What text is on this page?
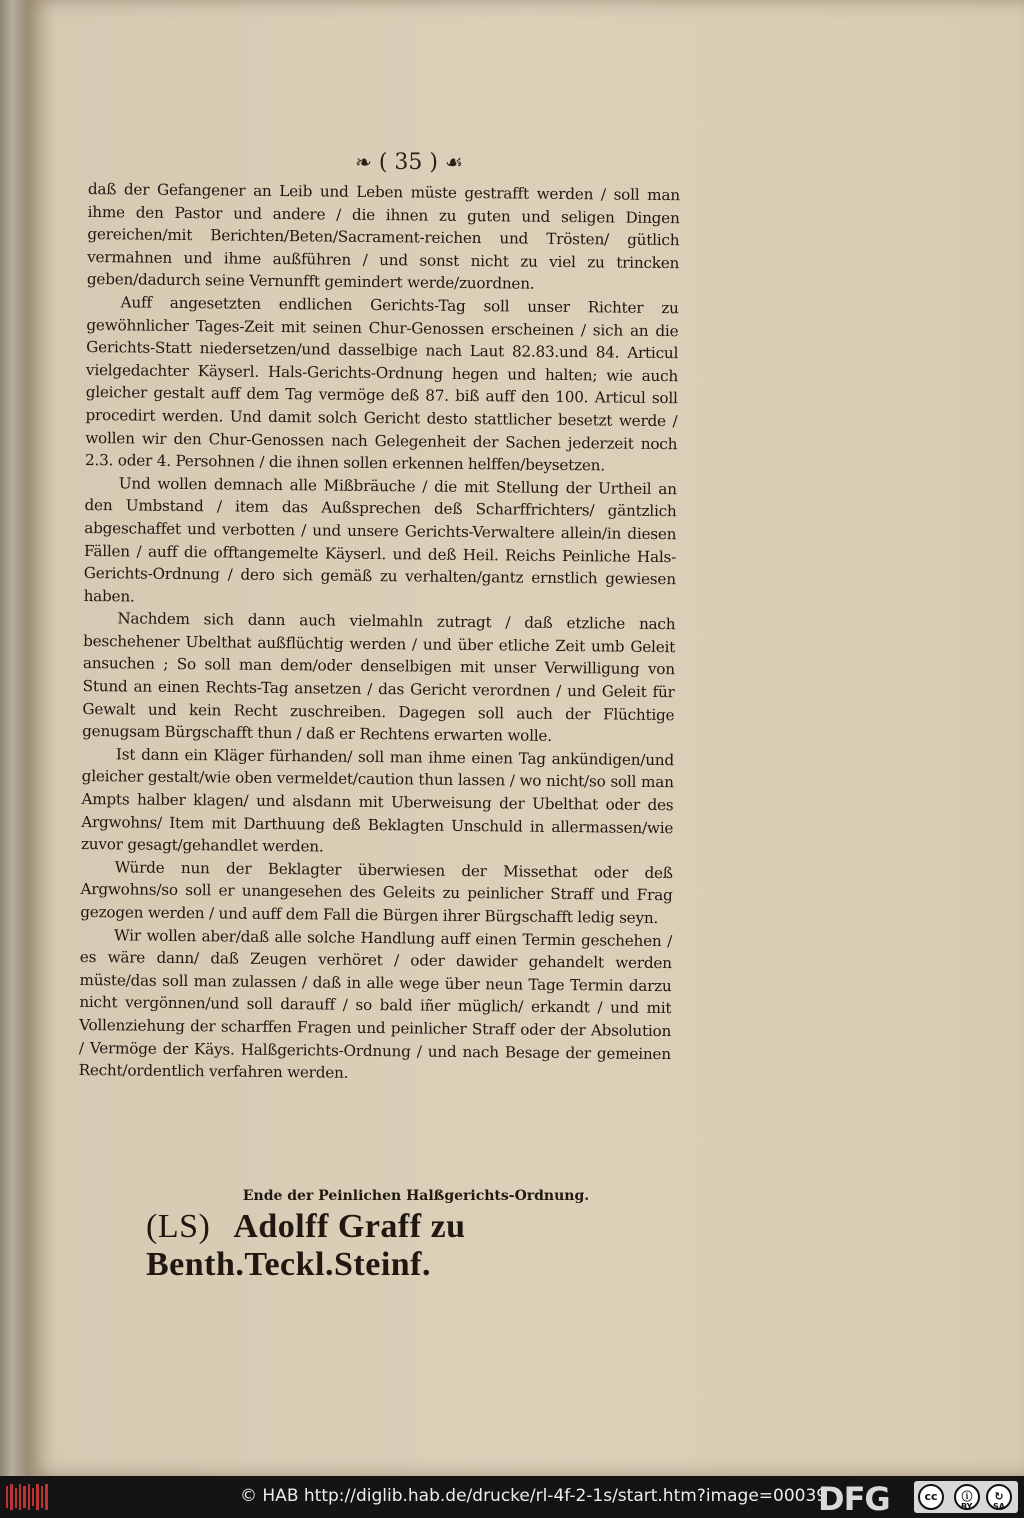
❧ ( 35 ) ☙
Ende der Peinlichen Halßgerichts-Ordnung.
(LS) Adolff Graff zu Benth.Teckl.Steinf.

daß der Gefangener an Leib und Leben müste gestrafft werden / soll man ihme den Pastor und andere / die ihnen zu guten und seligen Dingen gereichen/mit Berichten/Beten/Sacrament-reichen und Trösten/ gütlich vermahnen und ihme außführen / und sonst nicht zu viel zu trincken geben/dadurch seine Vernunfft gemindert werde/zuordnen.

Auff angesetzten endlichen Gerichts-Tag soll unser Richter zu gewöhnlicher Tages-Zeit mit seinen Chur-Genossen erscheinen / sich an die Gerichts-Statt niedersetzen/und dasselbige nach Laut 82.83.und 84. Articul vielgedachter Käyserl. Hals-Gerichts-Ordnung hegen und halten; wie auch gleicher gestalt auff dem Tag vermöge deß 87. biß auff den 100. Articul soll procedirt werden. Und damit solch Gericht desto stattlicher besetzt werde / wollen wir den Chur-Genossen nach Gelegenheit der Sachen jederzeit noch 2.3. oder 4. Persohnen / die ihnen sollen erkennen helffen/beysetzen.

Und wollen demnach alle Mißbräuche / die mit Stellung der Urtheil an den Umbstand / item das Außsprechen deß Scharffrichters/ gäntzlich abgeschaffet und verbotten / und unsere Gerichts-Verwaltere allein/in diesen Fällen / auff die offtangemelte Käyserl. und deß Heil. Reichs Peinliche Hals-Gerichts-Ordnung / dero sich gemäß zu verhalten/gantz ernstlich gewiesen haben.

Nachdem sich dann auch vielmahln zutragt / daß etzliche nach beschehener Ubelthat außflüchtig werden / und über etliche Zeit umb Geleit ansuchen ; So soll man dem/oder denselbigen mit unser Verwilligung von Stund an einen Rechts-Tag ansetzen / das Gericht verordnen / und Geleit für Gewalt und kein Recht zuschreiben. Dagegen soll auch der Flüchtige genugsam Bürgschafft thun / daß er Rechtens erwarten wolle.

Ist dann ein Kläger fürhanden/ soll man ihme einen Tag ankündigen/und gleicher gestalt/wie oben vermeldet/caution thun lassen / wo nicht/so soll man Ampts halber klagen/ und alsdann mit Uberweisung der Ubelthat oder des Argwohns/ Item mit Darthuung deß Beklagten Unschuld in allermassen/wie zuvor gesagt/gehandlet werden.

Würde nun der Beklagter überwiesen der Missethat oder deß Argwohns/so soll er unangesehen des Geleits zu peinlicher Straff und Frag gezogen werden / und auff dem Fall die Bürgen ihrer Bürgschafft ledig seyn.

Wir wollen aber/daß alle solche Handlung auff einen Termin geschehen / es wäre dann/ daß Zeugen verhöret / oder dawider gehandelt werden müste/das soll man zulassen / daß in alle wege über neun Tage Termin darzu nicht vergönnen/und soll darauff / so bald iñer müglich/ erkandt / und mit Vollenziehung der scharffen Fragen und peinlicher Straff oder der Absolution / Vermöge der Käys. Halßgerichts-Ordnung / und nach Besage der gemeinen Recht/ordentlich verfahren werden.

© HAB http://diglib.hab.de/drucke/rl-4f-2-1s/start.htm?image=00039
DFG	cc	ⓘ	↻
BY	SA
